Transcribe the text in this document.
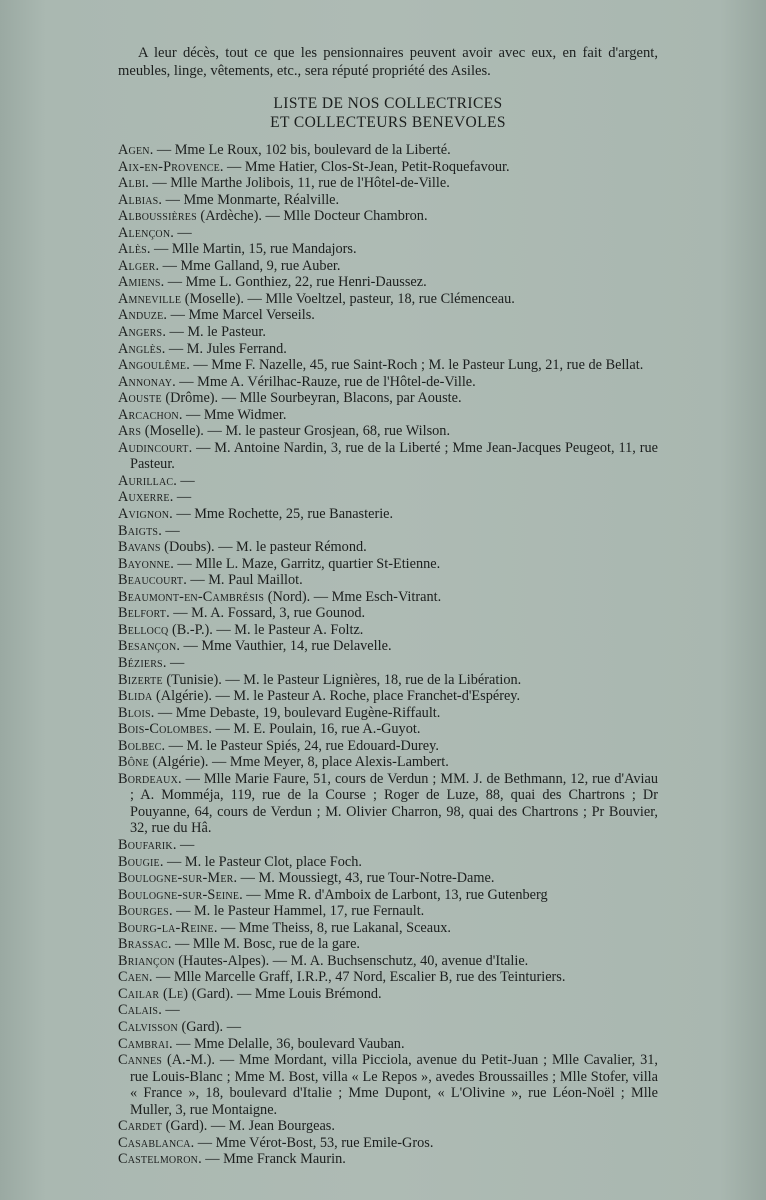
A leur décès, tout ce que les pensionnaires peuvent avoir avec eux, en fait d'argent, meubles, linge, vêtements, etc., sera réputé propriété des Asiles.

LISTE DE NOS COLLECTRICES
ET COLLECTEURS BENEVOLES

Agen. — Mme Le Roux, 102 bis, boulevard de la Liberté.

Aix-en-Provence. — Mme Hatier, Clos-St-Jean, Petit-Roquefavour.

Albi. — Mlle Marthe Jolibois, 11, rue de l'Hôtel-de-Ville.

Albias. — Mme Monmarte, Réalville.

Alboussières (Ardèche). — Mlle Docteur Chambron.

Alençon. —

Alès. — Mlle Martin, 15, rue Mandajors.

Alger. — Mme Galland, 9, rue Auber.

Amiens. — Mme L. Gonthiez, 22, rue Henri-Daussez.

Amneville (Moselle). — Mlle Voeltzel, pasteur, 18, rue Clémenceau.

Anduze. — Mme Marcel Verseils.

Angers. — M. le Pasteur.

Anglès. — M. Jules Ferrand.

Angoulême. — Mme F. Nazelle, 45, rue Saint-Roch ; M. le Pasteur Lung, 21, rue de Bellat.

Annonay. — Mme A. Vérilhac-Rauze, rue de l'Hôtel-de-Ville.

Aouste (Drôme). — Mlle Sourbeyran, Blacons, par Aouste.

Arcachon. — Mme Widmer.

Ars (Moselle). — M. le pasteur Grosjean, 68, rue Wilson.

Audincourt. — M. Antoine Nardin, 3, rue de la Liberté ; Mme Jean-Jacques Peugeot, 11, rue Pasteur.

Aurillac. —

Auxerre. —

Avignon. — Mme Rochette, 25, rue Banasterie.

Baigts. —

Bavans (Doubs). — M. le pasteur Rémond.

Bayonne. — Mlle L. Maze, Garritz, quartier St-Etienne.

Beaucourt. — M. Paul Maillot.

Beaumont-en-Cambrésis (Nord). — Mme Esch-Vitrant.

Belfort. — M. A. Fossard, 3, rue Gounod.

Bellocq (B.-P.). — M. le Pasteur A. Foltz.

Besançon. — Mme Vauthier, 14, rue Delavelle.

Béziers. —

Bizerte (Tunisie). — M. le Pasteur Lignières, 18, rue de la Libération.

Blida (Algérie). — M. le Pasteur A. Roche, place Franchet-d'Espérey.

Blois. — Mme Debaste, 19, boulevard Eugène-Riffault.

Bois-Colombes. — M. E. Poulain, 16, rue A.-Guyot.

Bolbec. — M. le Pasteur Spiés, 24, rue Edouard-Durey.

Bône (Algérie). — Mme Meyer, 8, place Alexis-Lambert.

Bordeaux. — Mlle Marie Faure, 51, cours de Verdun ; MM. J. de Bethmann, 12, rue d'Aviau ; A. Momméja, 119, rue de la Course ; Roger de Luze, 88, quai des Chartrons ; Dr Pouyanne, 64, cours de Verdun ; M. Olivier Charron, 98, quai des Chartrons ; Pr Bouvier, 32, rue du Hâ.

Boufarik. —

Bougie. — M. le Pasteur Clot, place Foch.

Boulogne-sur-Mer. — M. Moussiegt, 43, rue Tour-Notre-Dame.

Boulogne-sur-Seine. — Mme R. d'Amboix de Larbont, 13, rue Gutenberg

Bourges. — M. le Pasteur Hammel, 17, rue Fernault.

Bourg-la-Reine. — Mme Theiss, 8, rue Lakanal, Sceaux.

Brassac. — Mlle M. Bosc, rue de la gare.

Briançon (Hautes-Alpes). — M. A. Buchsenschutz, 40, avenue d'Italie.

Caen. — Mlle Marcelle Graff, I.R.P., 47 Nord, Escalier B, rue des Teinturiers.

Cailar (Le) (Gard). — Mme Louis Brémond.

Calais. —

Calvisson (Gard). —

Cambrai. — Mme Delalle, 36, boulevard Vauban.

Cannes (A.-M.). — Mme Mordant, villa Picciola, avenue du Petit-Juan ; Mlle Cavalier, 31, rue Louis-Blanc ; Mme M. Bost, villa « Le Repos », avedes Broussailles ; Mlle Stofer, villa « France », 18, boulevard d'Italie ; Mme Dupont, « L'Olivine », rue Léon-Noël ; Mlle Muller, 3, rue Montaigne.

Cardet (Gard). — M. Jean Bourgeas.

Casablanca. — Mme Vérot-Bost, 53, rue Emile-Gros.

Castelmoron. — Mme Franck Maurin.
